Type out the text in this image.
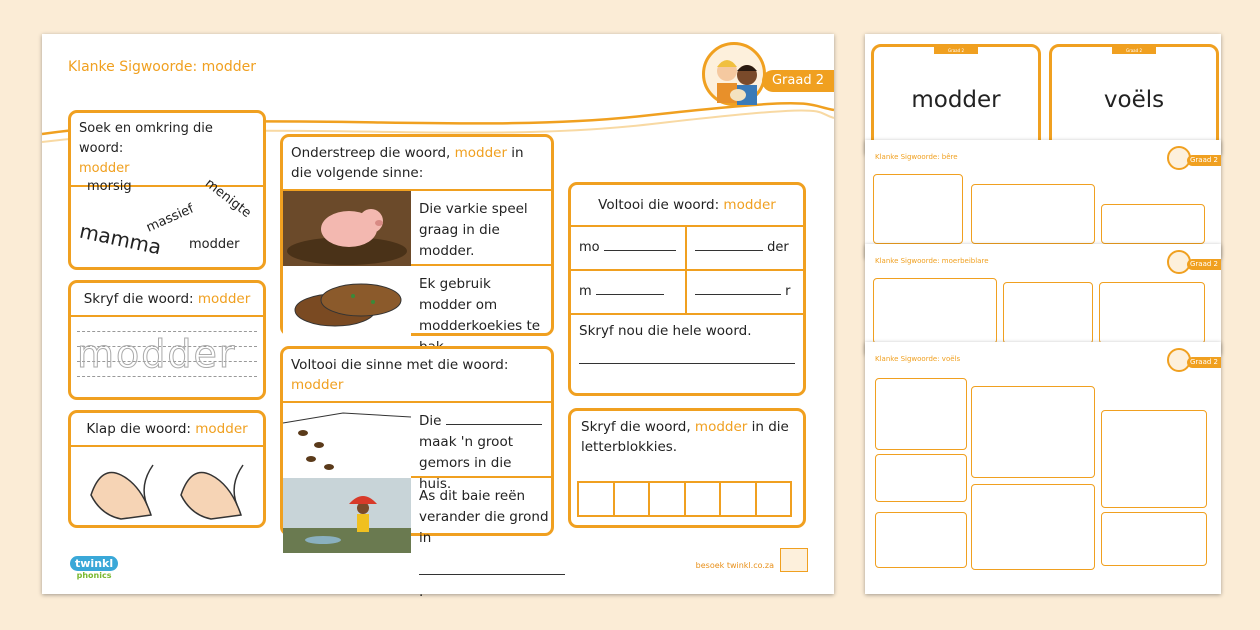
Klanke Sigwoorde: modder
Graad 2
Soek en omkring die woord:
modder
morsig
massief menigte
mamma modder
Skryf die woord: modder
modder
Klap die woord: modder
Onderstreep die woord, modder in die volgende sinne:
Die varkie speel graag in die modder.
Ek gebruik modder om modderkoekies te
Voltooi die sinne met die woord: modder
Die  maak 'n groot gemors in die huis.
As dit baie reën verander die grond in
.
Voltooi die woord: modder
mo	der
m	r
Skryf nou die hele woord.
Skryf die woord, modder in die letterblokkies.
twinkl
phonics
besoek twinkl.co.za
Graad 2
modder
Graad 2
voëls
Klanke Sigwoorde: bêre	Graad 2
Klanke Sigwoorde: moerbeiblare	Graad 2
Klanke Sigwoorde: voëls	Graad 2
